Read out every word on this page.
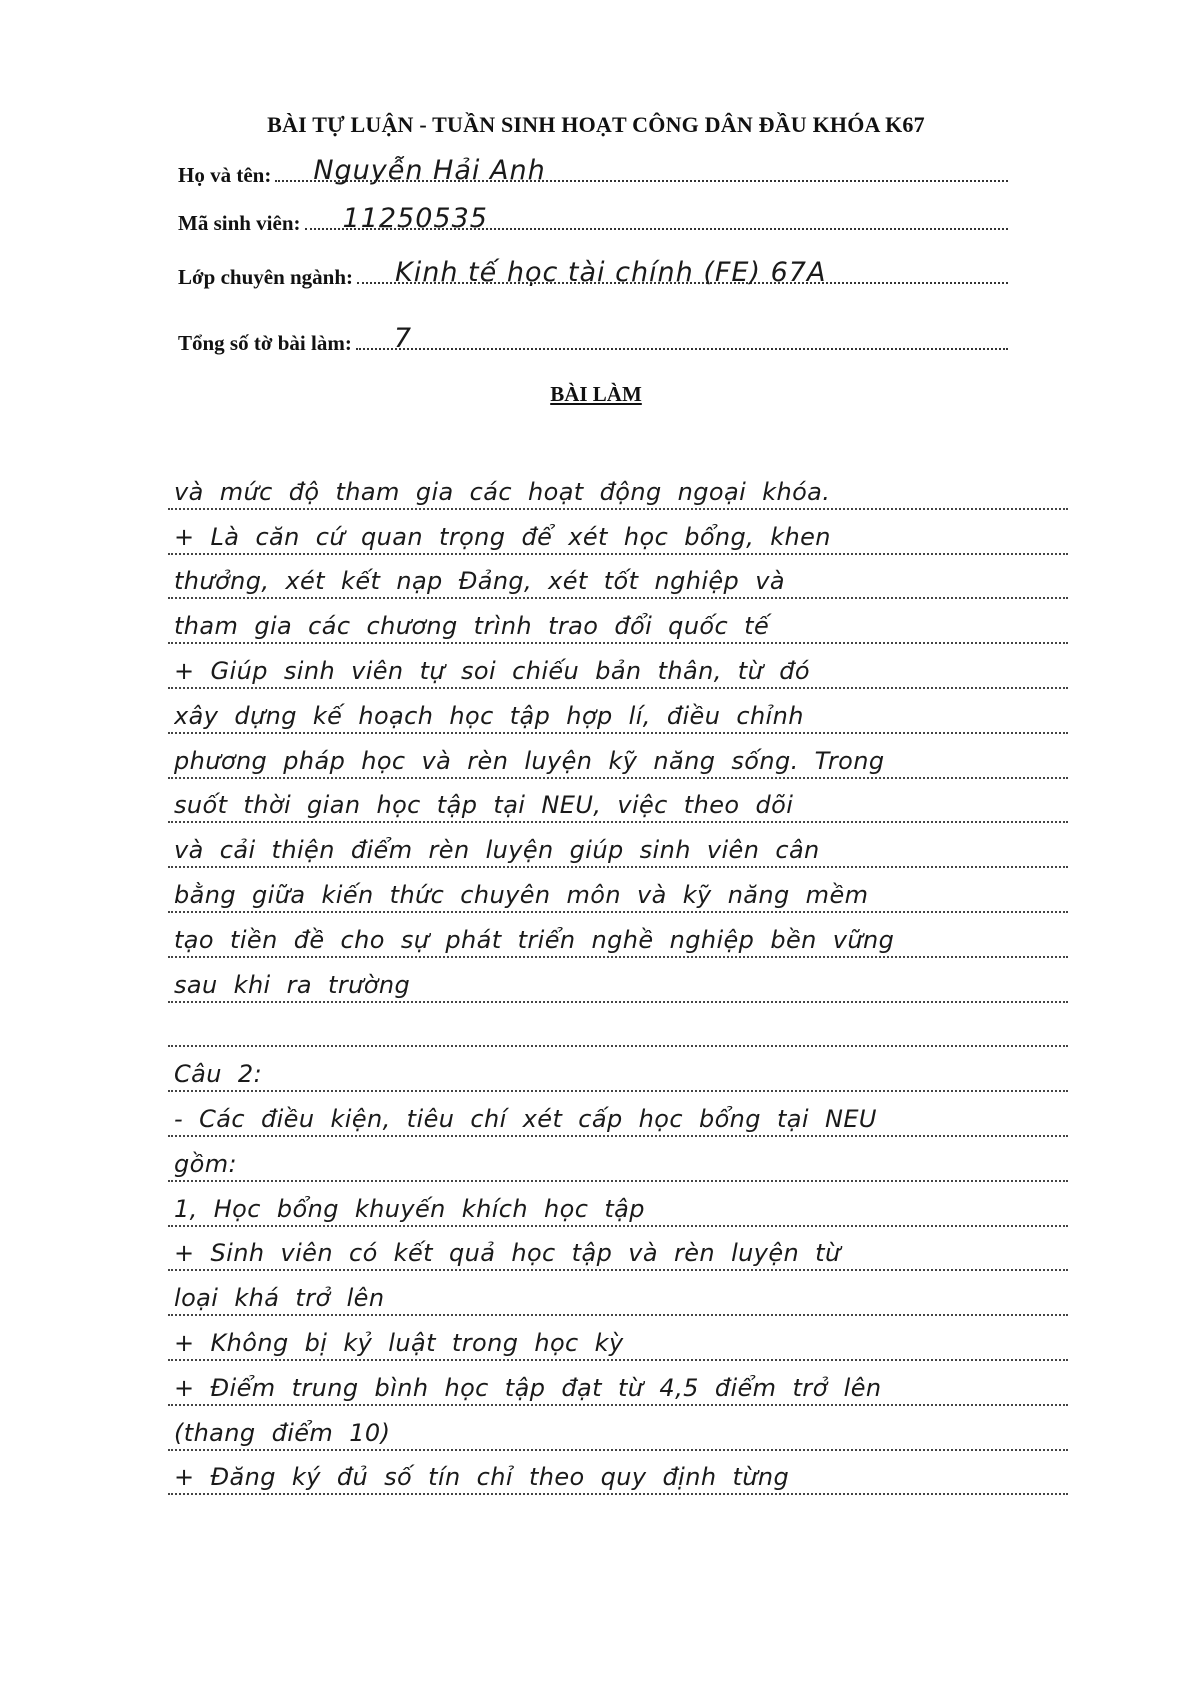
BÀI TỰ LUẬN - TUẦN SINH HOẠT CÔNG DÂN ĐẦU KHÓA K67
Họ và tên: Nguyễn Hải Anh
Mã sinh viên: 11250535
Lớp chuyên ngành: Kinh tế học tài chính (FE) 67A
Tổng số tờ bài làm: 7
BÀI LÀM
và mức độ tham gia các hoạt động ngoại khóa.
+ Là căn cứ quan trọng để xét học bổng, khen
thưởng, xét kết nạp Đảng, xét tốt nghiệp và
tham gia các chương trình trao đổi quốc tế
+ Giúp sinh viên tự soi chiếu bản thân, từ đó
xây dựng kế hoạch học tập hợp lí, điều chỉnh
phương pháp học và rèn luyện kỹ năng sống. Trong
suốt thời gian học tập tại NEU, việc theo dõi
và cải thiện điểm rèn luyện giúp sinh viên cân
bằng giữa kiến thức chuyên môn và kỹ năng mềm
tạo tiền đề cho sự phát triển nghề nghiệp bền vững
sau khi ra trường
Câu 2:
- Các điều kiện, tiêu chí xét cấp học bổng tại NEU
gồm:
1, Học bổng khuyến khích học tập
+ Sinh viên có kết quả học tập và rèn luyện từ
loại khá trở lên
+ Không bị kỷ luật trong học kỳ
+ Điểm trung bình học tập đạt từ 4,5 điểm trở lên
(thang điểm 10)
+ Đăng ký đủ số tín chỉ theo quy định từng
